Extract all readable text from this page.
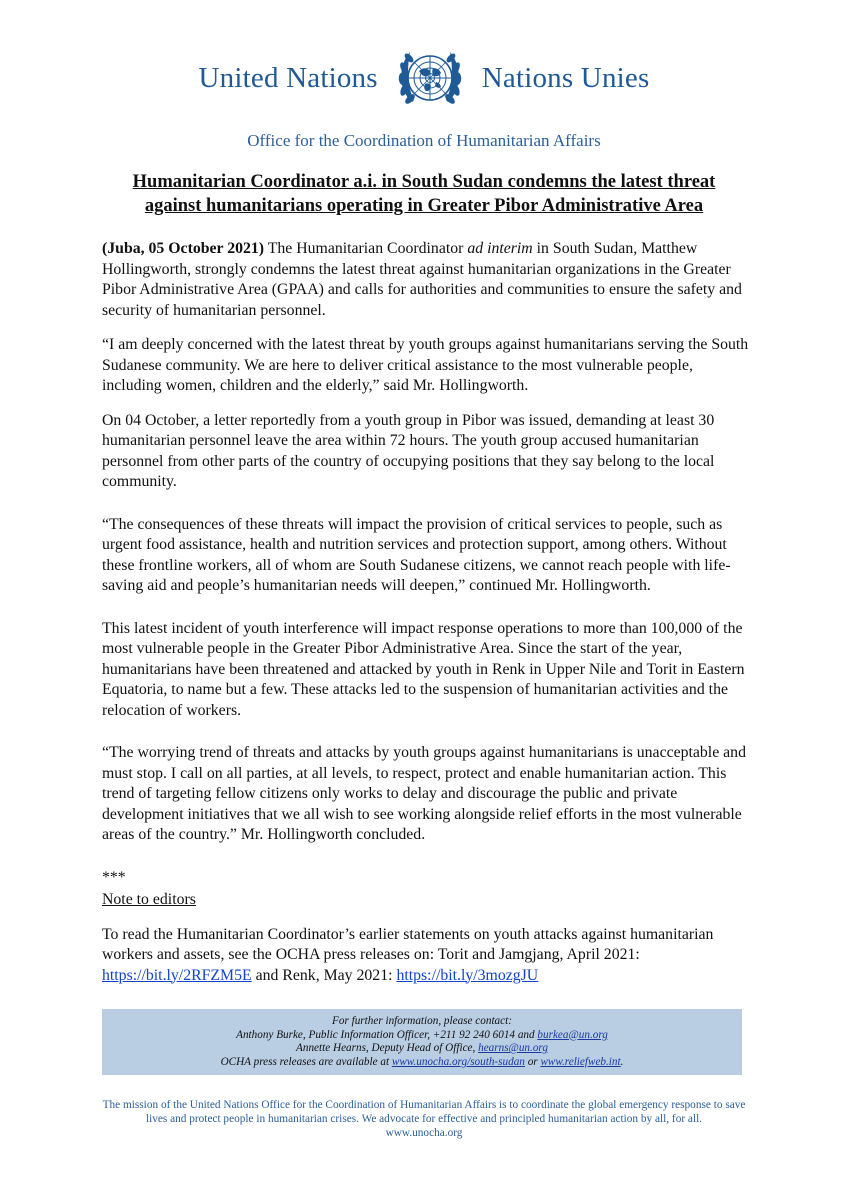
United Nations	Nations Unies
Office for the Coordination of Humanitarian Affairs
Humanitarian Coordinator a.i. in South Sudan condemns the latest threat
against humanitarians operating in Greater Pibor Administrative Area

(Juba, 05 October 2021) The Humanitarian Coordinator ad interim in South Sudan, Matthew Hollingworth, strongly condemns the latest threat against humanitarian organizations in the Greater Pibor Administrative Area (GPAA) and calls for authorities and communities to ensure the safety and security of humanitarian personnel.

“I am deeply concerned with the latest threat by youth groups against humanitarians serving the South Sudanese community. We are here to deliver critical assistance to the most vulnerable people, including women, children and the elderly,” said Mr. Hollingworth.

On 04 October, a letter reportedly from a youth group in Pibor was issued, demanding at least 30 humanitarian personnel leave the area within 72 hours. The youth group accused humanitarian personnel from other parts of the country of occupying positions that they say belong to the local community.

“The consequences of these threats will impact the provision of critical services to people, such as urgent food assistance, health and nutrition services and protection support, among others. Without these frontline workers, all of whom are South Sudanese citizens, we cannot reach people with life-saving aid and people’s humanitarian needs will deepen,” continued Mr. Hollingworth.

This latest incident of youth interference will impact response operations to more than 100,000 of the most vulnerable people in the Greater Pibor Administrative Area. Since the start of the year, humanitarians have been threatened and attacked by youth in Renk in Upper Nile and Torit in Eastern Equatoria, to name but a few. These attacks led to the suspension of humanitarian activities and the relocation of workers.

“The worrying trend of threats and attacks by youth groups against humanitarians is unacceptable and must stop. I call on all parties, at all levels, to respect, protect and enable humanitarian action. This trend of targeting fellow citizens only works to delay and discourage the public and private development initiatives that we all wish to see working alongside relief efforts in the most vulnerable areas of the country.” Mr. Hollingworth concluded.

***
Note to editors

To read the Humanitarian Coordinator’s earlier statements on youth attacks against humanitarian workers and assets, see the OCHA press releases on: Torit and Jamgjang, April 2021: https://bit.ly/2RFZM5E and Renk, May 2021: https://bit.ly/3mozgJU

For further information, please contact:
Anthony Burke, Public Information Officer, +211 92 240 6014 and burkea@un.org
Annette Hearns, Deputy Head of Office, hearns@un.org
OCHA press releases are available at www.unocha.org/south-sudan or www.reliefweb.int.
The mission of the United Nations Office for the Coordination of Humanitarian Affairs is to coordinate the global emergency response to save lives and protect people in humanitarian crises. We advocate for effective and principled humanitarian action by all, for all.
www.unocha.org
